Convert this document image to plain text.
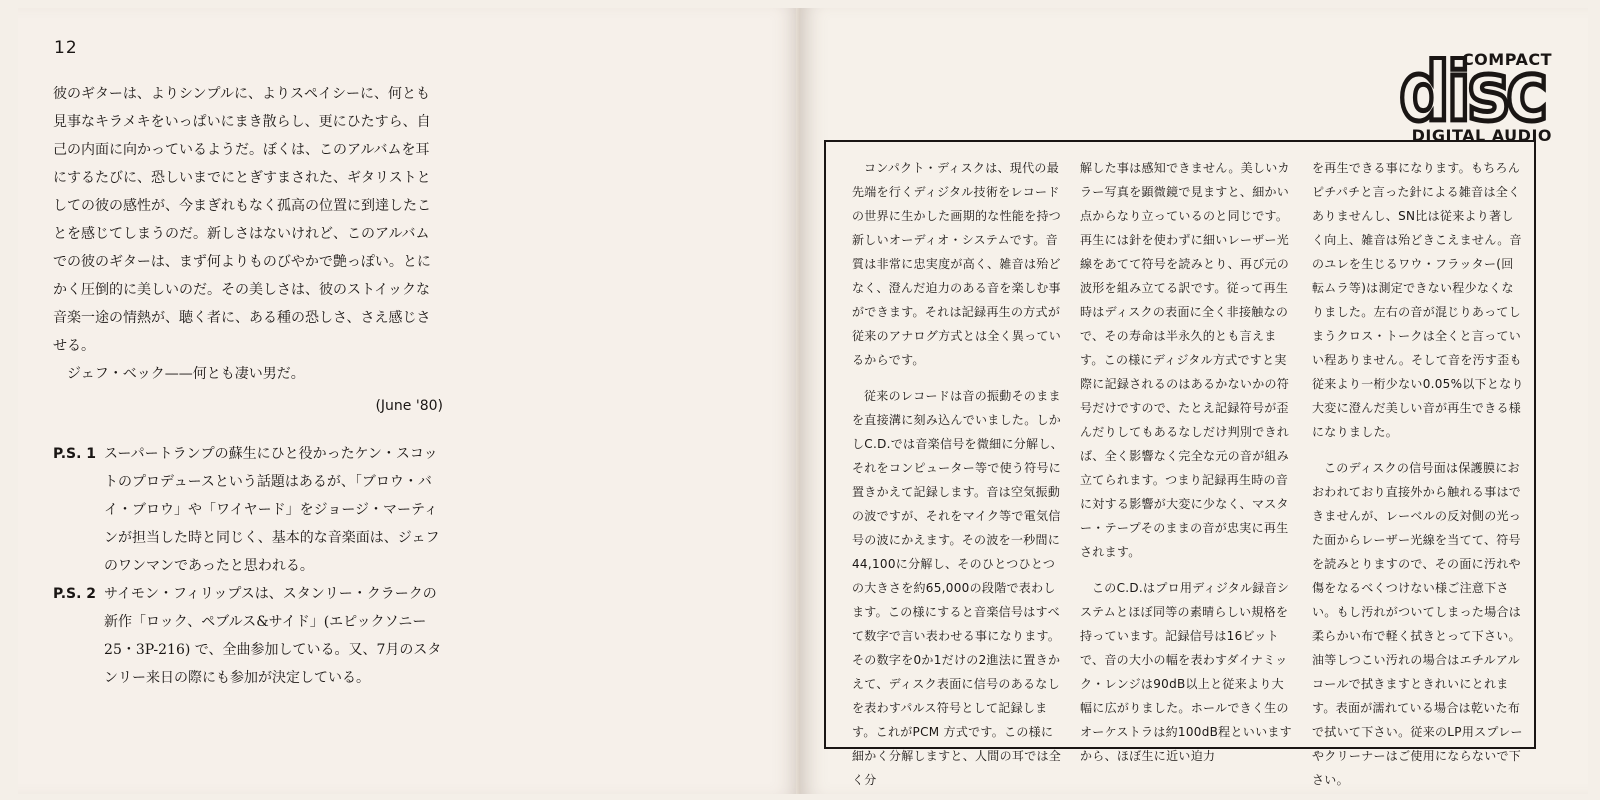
12

彼のギターは、よりシンプルに、よりスペイシーに、何とも見事なキラメキをいっぱいにまき散らし、更にひたすら、自己の内面に向かっているようだ。ぼくは、このアルバムを耳にするたびに、恐しいまでにとぎすまされた、ギタリストとしての彼の感性が、今まぎれもなく孤高の位置に到達したことを感じてしまうのだ。新しさはないけれど、このアルバムでの彼のギターは、まず何よりものびやかで艶っぽい。とにかく圧倒的に美しいのだ。その美しさは、彼のストイックな音楽一途の情熱が、聴く者に、ある種の恐しさ、さえ感じさせる。

ジェフ・ベック——何とも凄い男だ。

(June '80)
P.S. 1 スーパートランプの蘇生にひと役かったケン・スコットのプロデュースという話題はあるが、「ブロウ・バイ・ブロウ」や「ワイヤード」をジョージ・マーティンが担当した時と同じく、基本的な音楽面は、ジェフのワンマンであったと思われる。
P.S. 2 サイモン・フィリップスは、スタンリー・クラークの新作「ロック、ペブルス&サイド」(エピックソニー 25・3P-216) で、全曲参加している。又、7月のスタンリー来日の際にも参加が決定している。
COMPACT
disc
DIGITAL AUDIO

コンパクト・ディスクは、現代の最先端を行くディジタル技術をレコードの世界に生かした画期的な性能を持つ新しいオーディオ・システムです。音質は非常に忠実度が高く、雑音は殆どなく、澄んだ迫力のある音を楽しむ事ができます。それは記録再生の方式が従来のアナログ方式とは全く異っているからです。

従来のレコードは音の振動そのままを直接溝に刻み込んでいました。しかしC.D.では音楽信号を微細に分解し、それをコンピューター等で使う符号に置きかえて記録します。音は空気振動の波ですが、それをマイク等で電気信号の波にかえます。その波を一秒間に44,100に分解し、そのひとつひとつの大きさを約65,000の段階で表わします。この様にすると音楽信号はすべて数字で言い表わせる事になります。その数字を0か1だけの2進法に置きかえて、ディスク表面に信号のあるなしを表わすパルス符号として記録します。これがPCM 方式です。この様に細かく分解しますと、人間の耳では全く分

解した事は感知できません。美しいカラー写真を顕微鏡で見ますと、細かい点からなり立っているのと同じです。再生には針を使わずに細いレーザー光線をあてて符号を読みとり、再び元の波形を組み立てる訳です。従って再生時はディスクの表面に全く非接触なので、その寿命は半永久的とも言えます。この様にディジタル方式ですと実際に記録されるのはあるかないかの符号だけですので、たとえ記録符号が歪んだりしてもあるなしだけ判別できれば、全く影響なく完全な元の音が組み立てられます。つまり記録再生時の音に対する影響が大変に少なく、マスター・テープそのままの音が忠実に再生されます。

このC.D.はプロ用ディジタル録音システムとほぼ同等の素晴らしい規格を持っています。記録信号は16ビットで、音の大小の幅を表わすダイナミック・レンジは90dB以上と従来より大幅に広がりました。ホールできく生のオーケストラは約100dB程といいますから、ほぼ生に近い迫力

を再生できる事になります。もちろんピチパチと言った針による雑音は全くありませんし、SN比は従来より著しく向上、雑音は殆どきこえません。音のユレを生じるワウ・フラッター(回転ムラ等)は測定できない程少なくなりました。左右の音が混じりあってしまうクロス・トークは全くと言っていい程ありません。そして音を汚す歪も従来より一桁少ない0.05%以下となり大変に澄んだ美しい音が再生できる様になりました。

このディスクの信号面は保護膜におおわれており直接外から触れる事はできませんが、レーベルの反対側の光った面からレーザー光線を当てて、符号を読みとりますので、その面に汚れや傷をなるべくつけない様ご注意下さい。もし汚れがついてしまった場合は柔らかい布で軽く拭きとって下さい。油等しつこい汚れの場合はエチルアルコールで拭きますときれいにとれます。表面が濡れている場合は乾いた布で拭いて下さい。従来のLP用スプレーやクリーナーはご使用にならないで下さい。
